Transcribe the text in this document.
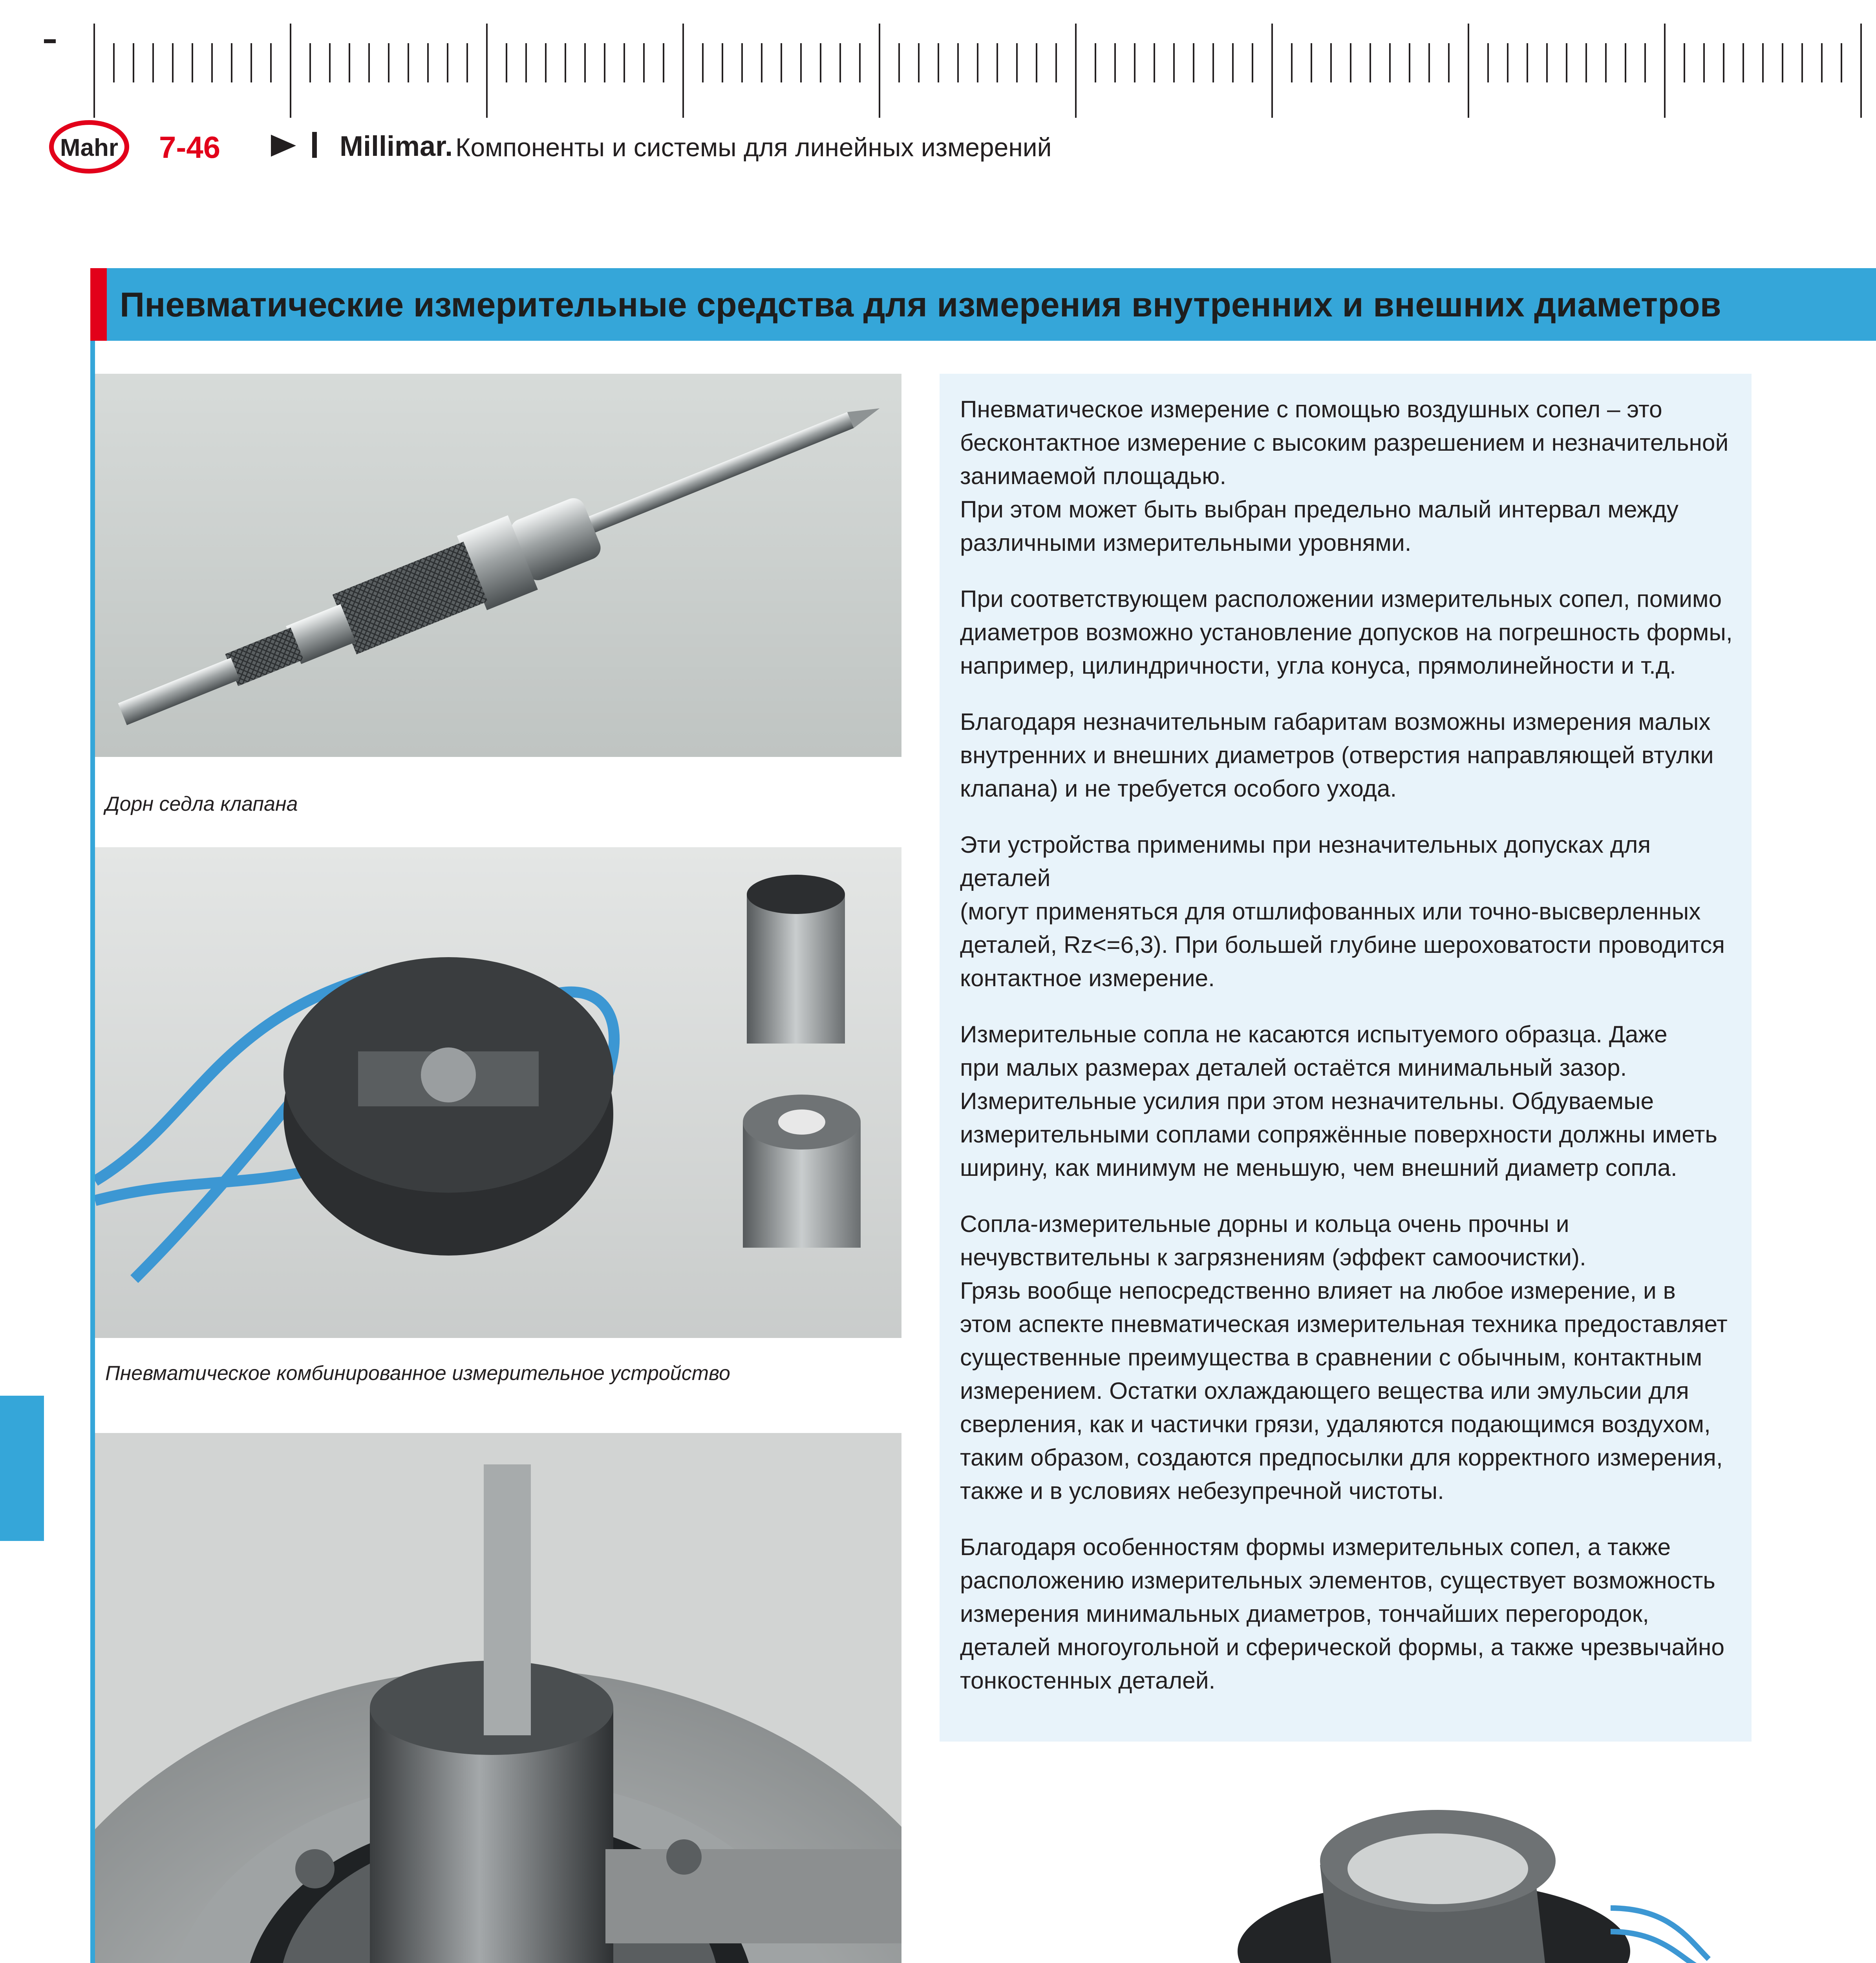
Mahr 7-46	Millimar. Компоненты и системы для линейных измерений
Пневматические измерительные средства для измерения внутренних и внешних диаметров
Дорн седла клапана
Пневматическое комбинированное измерительное устройство

Пневматическое измерение с помощью воздушных сопел – это
бесконтактное измерение с высоким разрешением и незначительной
занимаемой площадью.
При этом может быть выбран предельно малый интервал между
различными измерительными уровнями.

При соответствующем расположении измерительных сопел, помимо
диаметров возможно установление допусков на погрешность формы,
например, цилиндричности, угла конуса, прямолинейности и т.д.

Благодаря незначительным габаритам возможны измерения малых
внутренних и внешних диаметров (отверстия направляющей втулки
клапана) и не требуется особого ухода.

Эти устройства применимы при незначительных допусках для деталей
(могут применяться для отшлифованных или точно-высверленных
деталей, Rz<=6,3). При большей глубине шероховатости проводится
контактное измерение.

Измерительные сопла не касаются испытуемого образца. Даже
при малых размерах деталей остаётся минимальный зазор.
Измерительные усилия при этом незначительны. Обдуваемые
измерительными соплами сопряжённые поверхности должны иметь
ширину, как минимум не меньшую, чем внешний диаметр сопла.

Сопла-измерительные дорны и кольца очень прочны и
нечувствительны к загрязнениям (эффект самоочистки).
Грязь вообще непосредственно влияет на любое измерение, и в
этом аспекте пневматическая измерительная техника предоставляет
существенные преимущества в сравнении с обычным, контактным
измерением. Остатки охлаждающего вещества или эмульсии для
сверления, как и частички грязи, удаляются подающимся воздухом,
таким образом, создаются предпосылки для корректного измерения,
также и в условиях небезупречной чистоты.

Благодаря особенностям формы измерительных сопел, а также
расположению измерительных элементов, существует возможность
измерения минимальных диаметров, тончайших перегородок,
деталей многоугольной и сферической формы, а также чрезвычайно
тонкостенных деталей.
